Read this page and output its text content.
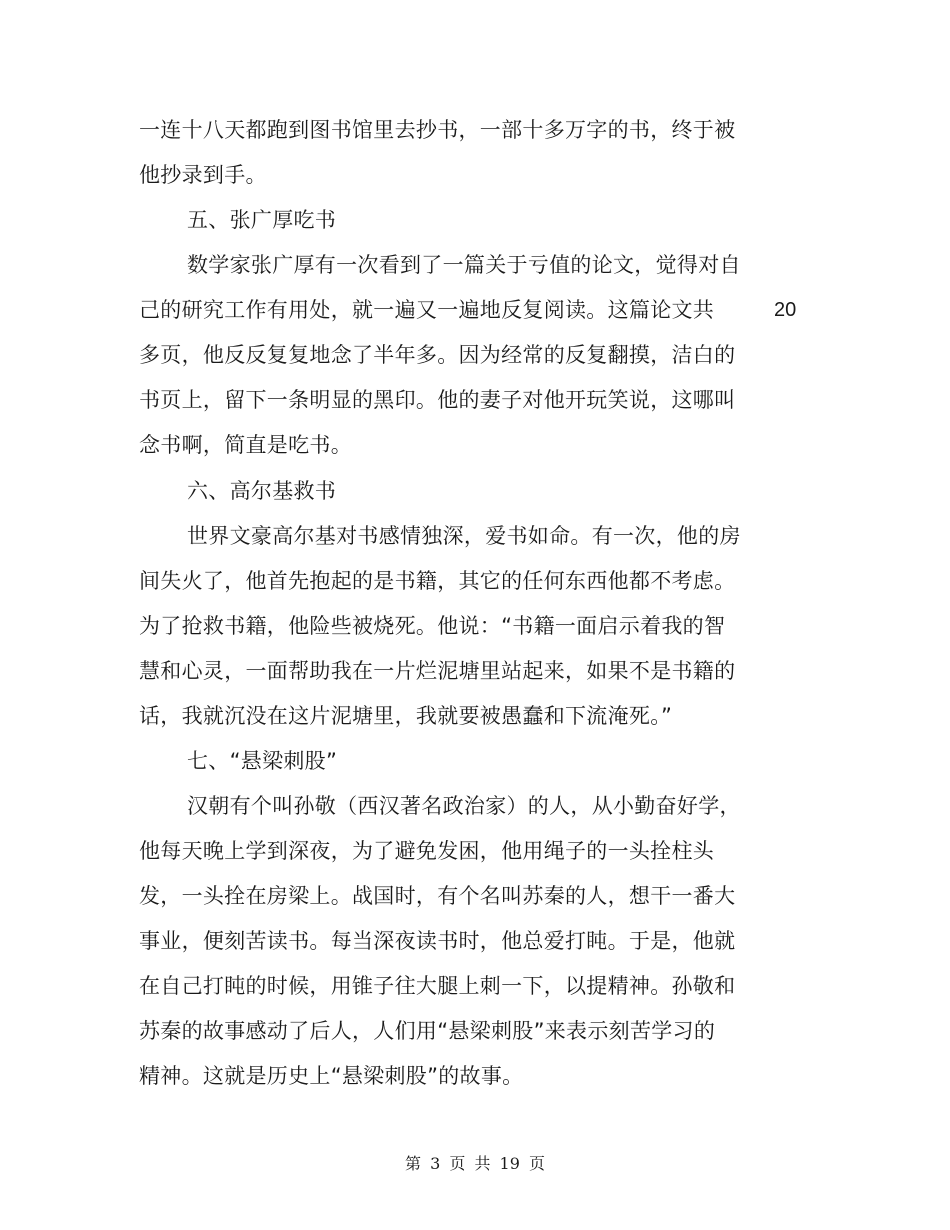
一连十八天都跑到图书馆里去抄书，一部十多万字的书，终于被
他抄录到手。
五、张广厚吃书
数学家张广厚有一次看到了一篇关于亏值的论文，觉得对自
己的研究工作有用处，就一遍又一遍地反复阅读。这篇论文共	20
多页，他反反复复地念了半年多。因为经常的反复翻摸，洁白的
书页上，留下一条明显的黑印。他的妻子对他开玩笑说，这哪叫
念书啊，简直是吃书。
六、高尔基救书
世界文豪高尔基对书感情独深，爱书如命。有一次，他的房
间失火了，他首先抱起的是书籍，其它的任何东西他都不考虑。
为了抢救书籍，他险些被烧死。他说：“书籍一面启示着我的智
慧和心灵，一面帮助我在一片烂泥塘里站起来，如果不是书籍的
话，我就沉没在这片泥塘里，我就要被愚蠢和下流淹死。”
七、“悬梁刺股”
汉朝有个叫孙敬（西汉著名政治家）的人，从小勤奋好学，
他每天晚上学到深夜，为了避免发困，他用绳子的一头拴柱头
发，一头拴在房梁上。战国时，有个名叫苏秦的人，想干一番大
事业，便刻苦读书。每当深夜读书时，他总爱打盹。于是，他就
在自己打盹的时候，用锥子往大腿上刺一下，以提精神。孙敬和
苏秦的故事感动了后人，人们用“悬梁刺股”来表示刻苦学习的
精神。这就是历史上“悬梁刺股”的故事。
第 3 页 共 19 页
